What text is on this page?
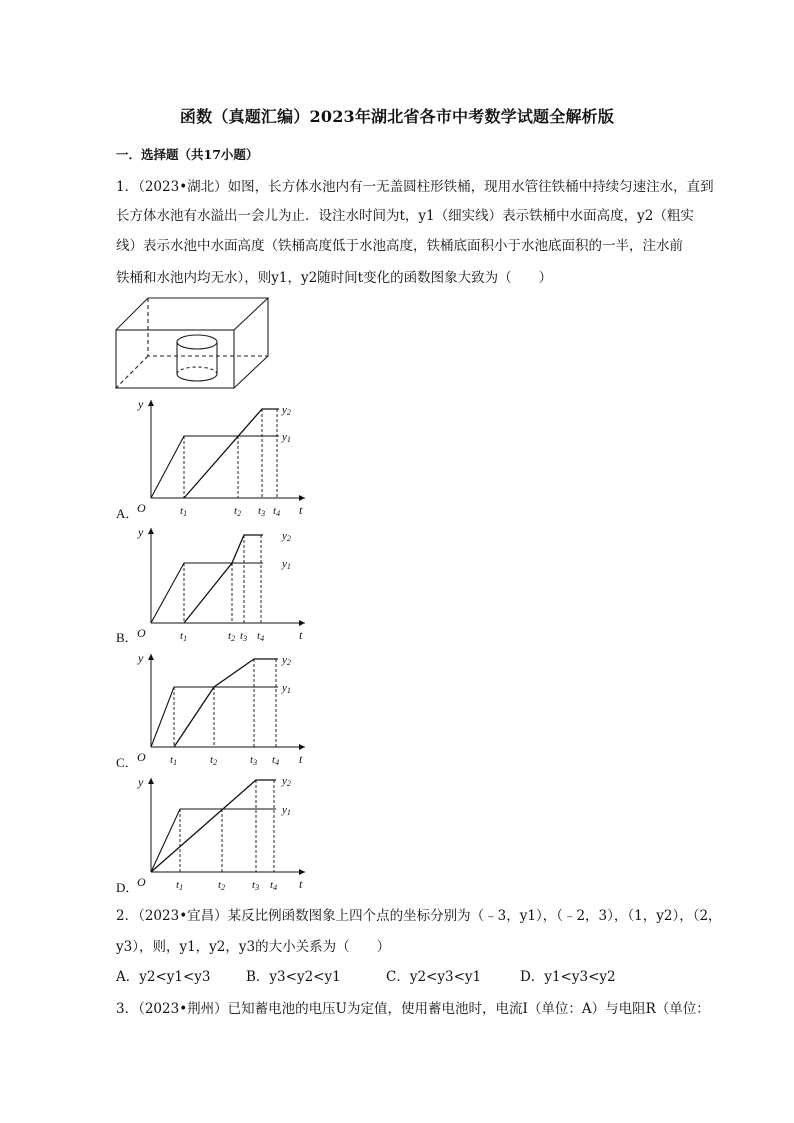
函数（真题汇编）2023年湖北省各市中考数学试题全解析版
一．选择题（共17小题）
1．（2023•湖北）如图，长方体水池内有一无盖圆柱形铁桶，现用水管往铁桶中持续匀速注水，直到
长方体水池有水溢出一会儿为止．设注水时间为t，y1（细实线）表示铁桶中水面高度，y2（粗实
线）表示水池中水面高度（铁桶高度低于水池高度，铁桶底面积小于水池底面积的一半，注水前
铁桶和水池内均无水），则y1，y2随时间t变化的函数图象大致为（　　）
A．
B．
C．
D．
y
t
O	t1	t2 t3 t4
y2
y1
y
t
O	t1	t2 t3 t4
y2
y1
y
t
O t1	t2	t3 t4
y2
y1
y
t
O	t1	t2 t3 t4
y2
y1
2．（2023•宜昌）某反比例函数图象上四个点的坐标分别为（﹣3，y1），（﹣2，3），（1，y2），（2，
y3），则，y1，y2，y3的大小关系为（　　）
A．y2<y1<y3	B．y3<y2<y1	C．y2<y3<y1	D．y1<y3<y2
3．（2023•荆州）已知蓄电池的电压U为定值，使用蓄电池时，电流I（单位：A）与电阻R（单位：
